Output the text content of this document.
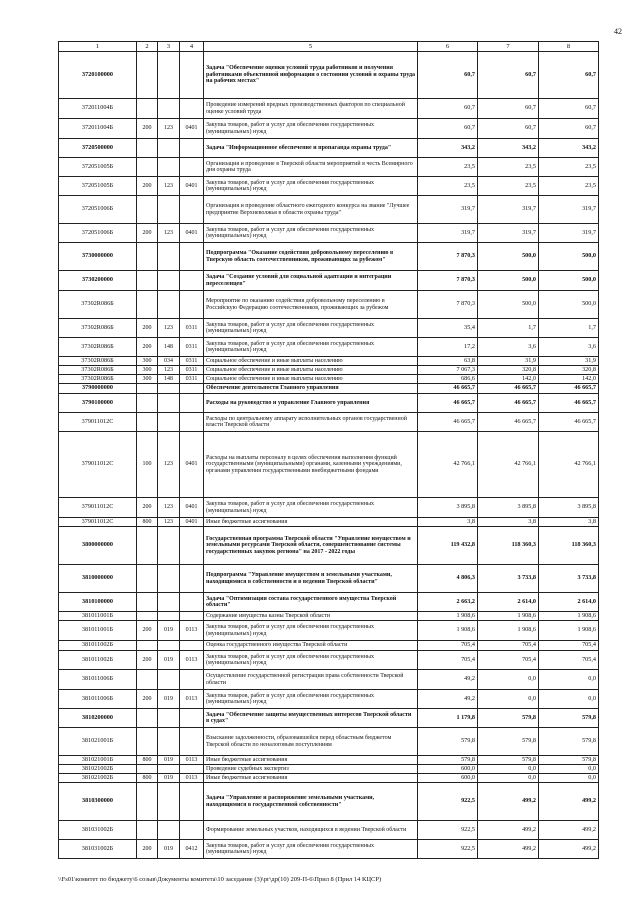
42
1	2	3	4	5	6	7	8
3720100000				Задача "Обеспечение оценки условий труда работников и получения работниками объективной информации о состоянии условий и охраны труда на рабочих местах"	60,7	60,7	60,7
372011004Б				Проведение измерений вредных производственных факторов по специальной оценке условий труда	60,7	60,7	60,7
372011004Б	200	123	0401	Закупка товаров, работ и услуг для обеспечения государственных (муниципальных) нужд	60,7	60,7	60,7
3720500000				Задача "Информационное обеспечение и пропаганда охраны труда"	343,2	343,2	343,2
372051005Б				Организация и проведение в Тверской области мероприятий в честь Всемирного дня охраны труда	23,5	23,5	23,5
372051005Б	200	123	0401	Закупка товаров, работ и услуг для обеспечения государственных (муниципальных) нужд	23,5	23,5	23,5
372051006Б				Организация и проведение областного ежегодного конкурса на звание "Лучшее предприятие Верхневолжья в области охраны труда"	319,7	319,7	319,7
372051006Б	200	123	0401	Закупка товаров, работ и услуг для обеспечения государственных (муниципальных) нужд	319,7	319,7	319,7
3730000000				Подпрограмма "Оказание содействия добровольному переселению в Тверскую область соотечественников, проживающих за рубежом"	7 870,3	500,0	500,0
3730200000				Задача "Создание условий для социальной адаптации и интеграции переселенцев"	7 870,3	500,0	500,0
37302R086Б				Мероприятие по оказанию содействия добровольному переселению в Российскую Федерацию соотечественников, проживающих за рубежом	7 870,3	500,0	500,0
37302R086Б	200	123	0311	Закупка товаров, работ и услуг для обеспечения государственных (муниципальных) нужд	35,4	1,7	1,7
37302R086Б	200	148	0311	Закупка товаров, работ и услуг для обеспечения государственных (муниципальных) нужд	17,2	3,6	3,6
37302R086Б	300	034	0311	Социальное обеспечение и иные выплаты населению	63,8	31,9	31,9
37302R086Б	300	123	0311	Социальное обеспечение и иные выплаты населению	7 067,3	320,8	320,8
37302R086Б	300	148	0311	Социальное обеспечение и иные выплаты населению	686,6	142,0	142,0
3790000000				Обеспечение деятельности Главного управления	46 665,7	46 665,7	46 665,7
3790100000				Расходы на руководство и управление Главного управления	46 665,7	46 665,7	46 665,7
379011012С				Расходы по центральному аппарату исполнительных органов государственной власти Тверской области	46 665,7	46 665,7	46 665,7
379011012С	100	123	0401	Расходы на выплаты персоналу в целях обеспечения выполнения функций государственными (муниципальными) органами, казенными учреждениями, органами управления государственными внебюджетными фондами	42 766,1	42 766,1	42 766,1
379011012С	200	123	0401	Закупка товаров, работ и услуг для обеспечения государственных (муниципальных) нужд	3 895,8	3 895,8	3 895,8
379011012С	800	123	0401	Иные бюджетные ассигнования	3,8	3,8	3,8
3800000000				Государственная программа Тверской области "Управление имуществом и земельными ресурсами Тверской области, совершенствование системы государственных закупок региона" на 2017 - 2022 годы	119 432,8	118 360,3	118 360,3
3810000000				Подпрограмма "Управление имуществом и земельными участками, находящимися в собственности и в ведении Тверской области"	4 806,3	3 733,8	3 733,8
3810100000				Задача "Оптимизация состава государственного имущества Тверской области"	2 663,2	2 614,0	2 614,0
381011001Б				Содержание имущества казны Тверской области	1 908,6	1 908,6	1 908,6
381011001Б	200	019	0113	Закупка товаров, работ и услуг для обеспечения государственных (муниципальных) нужд	1 908,6	1 908,6	1 908,6
381011002Б				Оценка государственного имущества Тверской области	705,4	705,4	705,4
381011002Б	200	019	0113	Закупка товаров, работ и услуг для обеспечения государственных (муниципальных) нужд	705,4	705,4	705,4
381011006Б				Осуществление государственной регистрации права собственности Тверской области	49,2	0,0	0,0
381011006Б	200	019	0113	Закупка товаров, работ и услуг для обеспечения государственных (муниципальных) нужд	49,2	0,0	0,0
3810200000				Задача "Обеспечение защиты имущественных интересов Тверской области в судах"	1 179,8	579,8	579,8
381021001Б				Взыскание задолженности, образовавшейся перед областным бюджетом Тверской области по неналоговым поступлениям	579,8	579,8	579,8
381021001Б	800	019	0113	Иные бюджетные ассигнования	579,8	579,8	579,8
381021002Б				Проведение судебных экспертиз	600,0	0,0	0,0
381021002Б	800	019	0113	Иные бюджетные ассигнования	600,0	0,0	0,0
3810300000				Задача "Управление и распоряжение земельными участками, находящимися в государственной собственности"	922,5	499,2	499,2
381031002Б				Формирование земельных участков, находящихся в ведении Тверской области	922,5	499,2	499,2
381031002Б	200	019	0412	Закупка товаров, работ и услуг для обеспечения государственных (муниципальных) нужд	922,5	499,2	499,2
\\Fs01\комитет по бюджету\6 созыв\Документы комитета\10 заседание (3)\рг\др(10) 209-П-6\Прил 8 (Прил 14 КЦСР)
